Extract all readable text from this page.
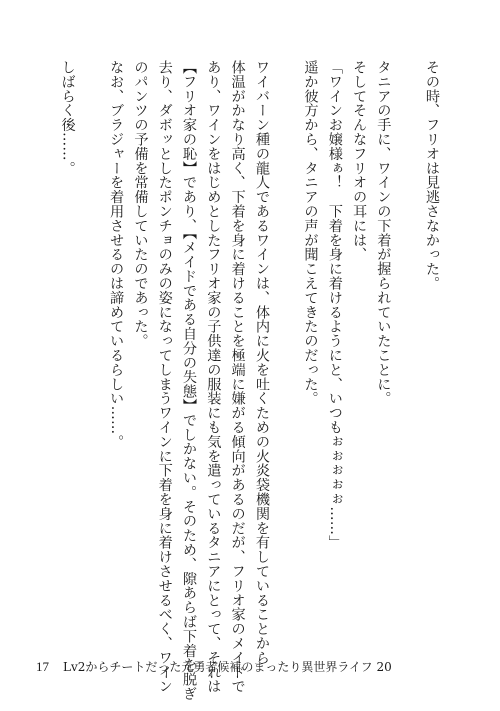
その時、フリオは見逃さなかった。

タニアの手に、ワインの下着が握られていたことに。

そしてそんなフリオの耳には、

「ワインお嬢様ぁ！　下着を身に着けるようにと、いつもぉぉぉぉぉ……」

遥か彼方から、タニアの声が聞こえてきたのだった。

ワイバーン種の龍人であるワインは、体内に火を吐くための火炎袋機関を有していることから

体温がかなり高く、下着を身に着けることを極端に嫌がる傾向があるのだが、フリオ家のメイドで

あり、ワインをはじめとしたフリオ家の子供達の服装にも気を遣っているタニアにとって、それは

【フリオ家の恥】であり、【メイドである自分の失態】でしかない。そのため、隙あらば下着を脱ぎ

去り、ダボッとしたポンチョのみの姿になってしまうワインに下着を身に着けさせるべく、ワイン

のパンツの予備を常備していたのであった。

なお、ブラジャーを着用させるのは諦めているらしい……。

しばらく後……。

17 Lv2からチートだった元勇者候補のまったり異世界ライフ 20
